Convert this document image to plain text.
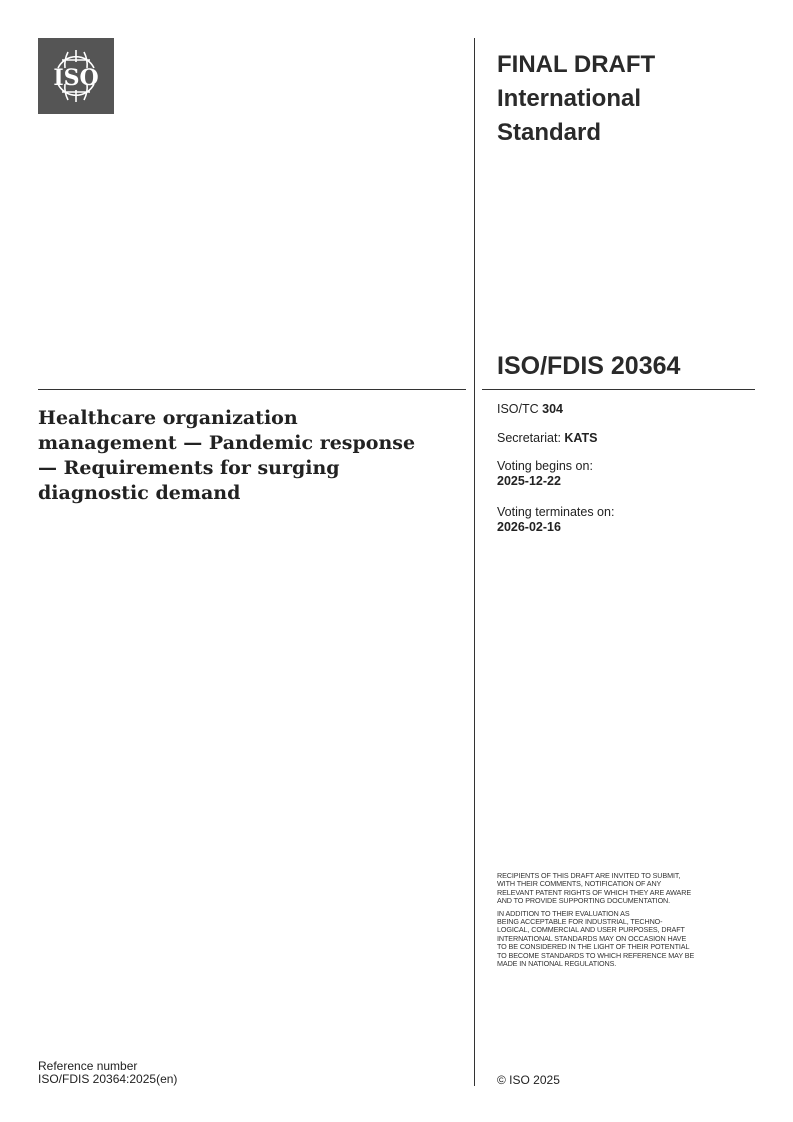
ISO	FINAL DRAFT
International
Standard
ISO/FDIS 20364
Healthcare organization
management — Pandemic response
— Requirements for surging
diagnostic demand
ISO/TC 304
Secretariat: KATS
Voting begins on:
2025-12-22
Voting terminates on:
2026-02-16

RECIPIENTS OF THIS DRAFT ARE INVITED TO SUBMIT,
WITH THEIR COMMENTS, NOTIFICATION OF ANY
RELEVANT PATENT RIGHTS OF WHICH THEY ARE AWARE
AND TO PROVIDE SUPPORTING DOCUMENTATION.

IN ADDITION TO THEIR EVALUATION AS
BEING ACCEPTABLE FOR INDUSTRIAL, TECHNO-
LOGICAL, COMMERCIAL AND USER PURPOSES, DRAFT
INTERNATIONAL STANDARDS MAY ON OCCASION HAVE
TO BE CONSIDERED IN THE LIGHT OF THEIR POTENTIAL
TO BECOME STANDARDS TO WHICH REFERENCE MAY BE
MADE IN NATIONAL REGULATIONS.

Reference number
ISO/FDIS 20364:2025(en)	© ISO 2025
